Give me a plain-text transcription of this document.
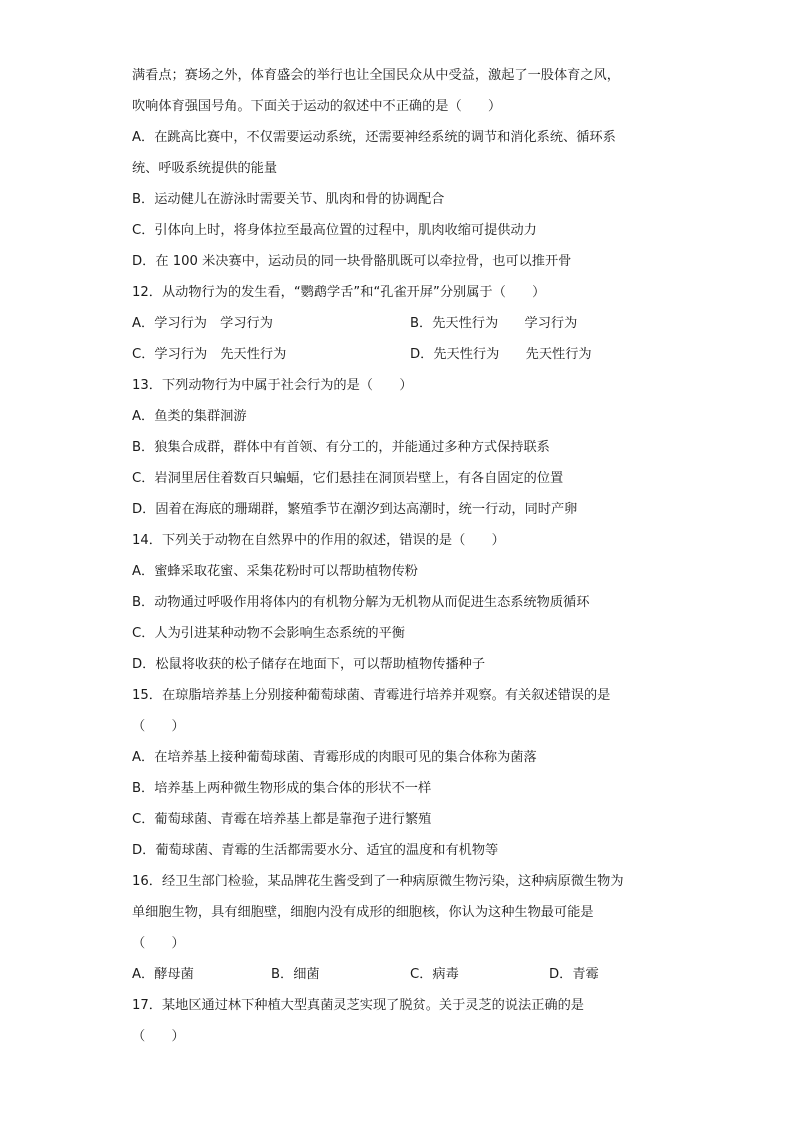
满看点；赛场之外，体育盛会的举行也让全国民众从中受益，激起了一股体育之风，
吹响体育强国号角。下面关于运动的叙述中不正确的是（　　）
A．在跳高比赛中，不仅需要运动系统，还需要神经系统的调节和消化系统、循环系
统、呼吸系统提供的能量
B．运动健儿在游泳时需要关节、肌肉和骨的协调配合
C．引体向上时，将身体拉至最高位置的过程中，肌肉收缩可提供动力
D．在 100 米决赛中，运动员的同一块骨骼肌既可以牵拉骨，也可以推开骨
12．从动物行为的发生看，“鹦鹉学舌”和“孔雀开屏”分别属于（　　）
A．学习行为　学习行为	B．先天性行为　　学习行为
C．学习行为　先天性行为	D．先天性行为　　先天性行为
13．下列动物行为中属于社会行为的是（　　）
A．鱼类的集群洄游
B．狼集合成群，群体中有首领、有分工的，并能通过多种方式保持联系
C．岩洞里居住着数百只蝙蝠，它们悬挂在洞顶岩壁上，有各自固定的位置
D．固着在海底的珊瑚群，繁殖季节在潮汐到达高潮时，统一行动，同时产卵
14．下列关于动物在自然界中的作用的叙述，错误的是（　　）
A．蜜蜂采取花蜜、采集花粉时可以帮助植物传粉
B．动物通过呼吸作用将体内的有机物分解为无机物从而促进生态系统物质循环
C．人为引进某种动物不会影响生态系统的平衡
D．松鼠将收获的松子储存在地面下，可以帮助植物传播种子
15．在琼脂培养基上分别接种葡萄球菌、青霉进行培养并观察。有关叙述错误的是
（　　）
A．在培养基上接种葡萄球菌、青霉形成的肉眼可见的集合体称为菌落
B．培养基上两种微生物形成的集合体的形状不一样
C．葡萄球菌、青霉在培养基上都是靠孢子进行繁殖
D．葡萄球菌、青霉的生活都需要水分、适宜的温度和有机物等
16．经卫生部门检验，某品牌花生酱受到了一种病原微生物污染，这种病原微生物为
单细胞生物，具有细胞壁，细胞内没有成形的细胞核，你认为这种生物最可能是
（　　）
A．酵母菌	B．细菌	C．病毒	D．青霉
17．某地区通过林下种植大型真菌灵芝实现了脱贫。关于灵芝的说法正确的是
（　　）
